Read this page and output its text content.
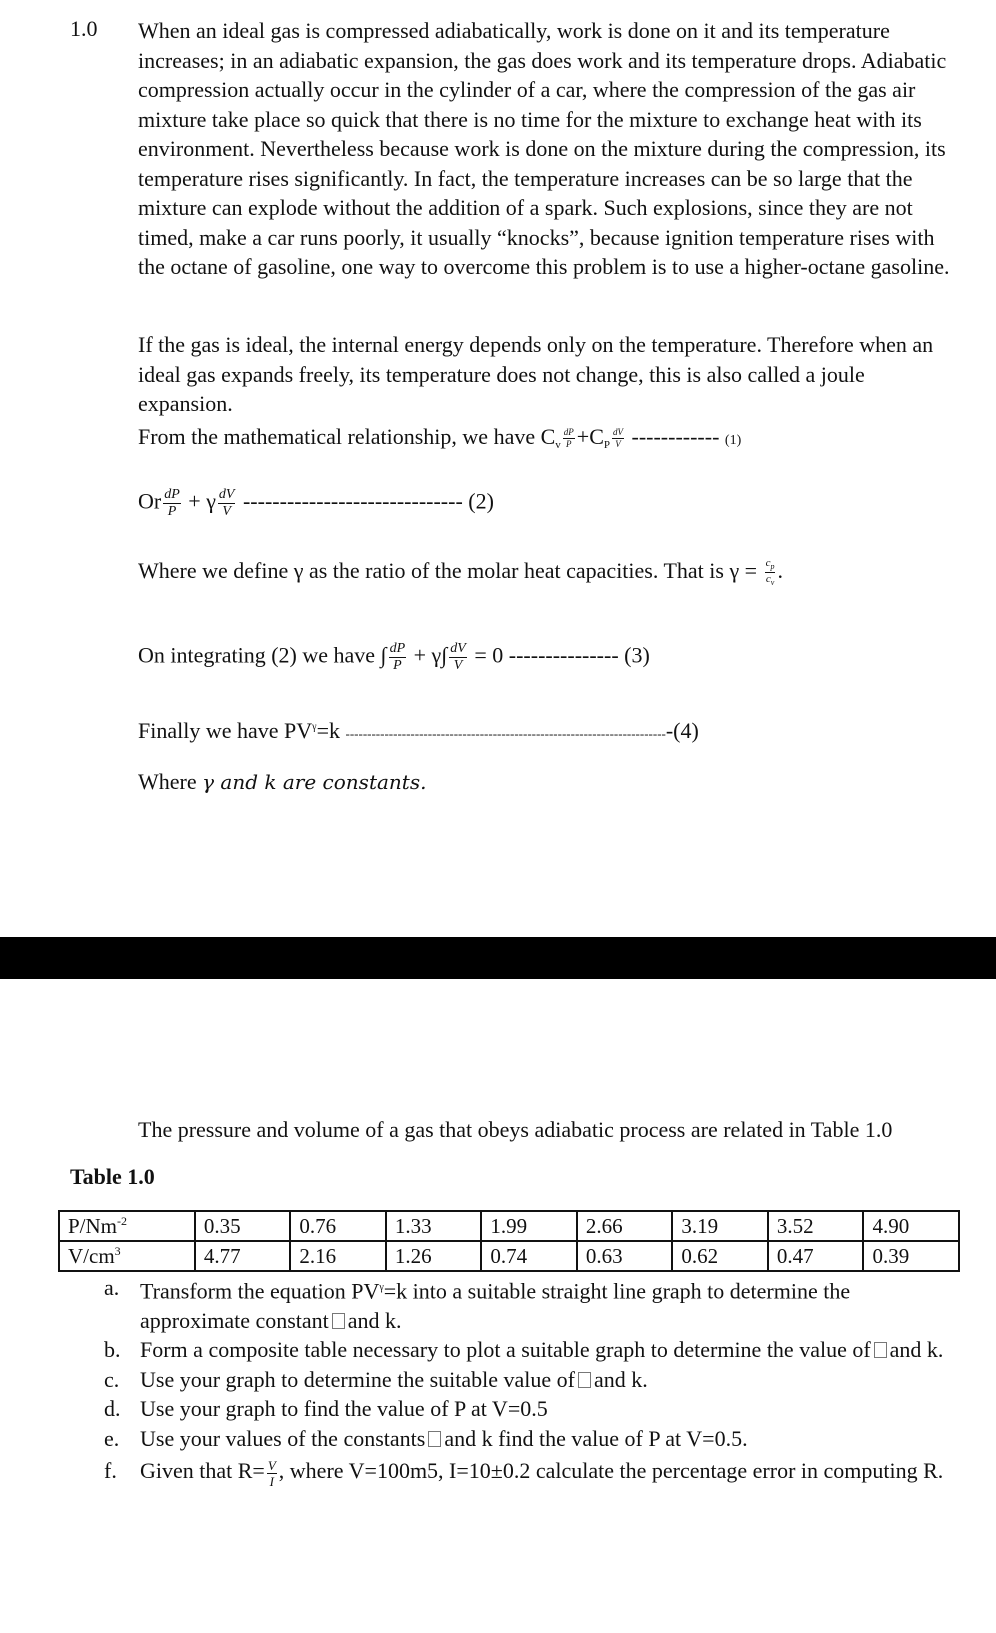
1.0 When an ideal gas is compressed adiabatically, work is done on it and its temperature increases; in an adiabatic expansion, the gas does work and its temperature drops. Adiabatic compression actually occur in the cylinder of a car, where the compression of the gas air mixture take place so quick that there is no time for the mixture to exchange heat with its environment. Nevertheless because work is done on the mixture during the compression, its temperature rises significantly. In fact, the temperature increases can be so large that the mixture can explode without the addition of a spark. Such explosions, since they are not timed, make a car runs poorly, it usually “knocks”, because ignition temperature rises with the octane of gasoline, one way to overcome this problem is to use a higher-octane gasoline.
If the gas is ideal, the internal energy depends only on the temperature. Therefore when an ideal gas expands freely, its temperature does not change, this is also called a joule expansion.
From the mathematical relationship, we have Cv $\frac{dP}{P} +CP \frac{dV}{V}$ ------------ (1)
Or $\frac{dP}{P} + \gamma \frac{dV}{V}$ ------------------------------ (2)
Where we define γ as the ratio of the molar heat capacities. That is $\gamma = \frac{c_p}{c_v}$ .
On integrating (2) we have ∫ $\frac{dP}{P} + \gamma\int \frac{dV}{V} = 0$ --------------- (3)
Finally we have $PV^\gamma=k$ ---------------------------------------------------------------------------(4)
Where γ and k are constants.
The pressure and volume of a gas that obeys adiabatic process are related in Table 1.0
Table 1.0
$P/Nm^{-2}$	0.35	0.76	1.33	1.99	2.66	3.19	3.52	4.90
$V/cm^3$	4.77	2.16	1.26	0.74	0.63	0.62	0.47	0.39
a. Transform the equation $PV^\gamma=k$ into a suitable straight line graph to determine the approximate constant and k.
b. Form a composite table necessary to plot a suitable graph to determine the value of and k.
c. Use your graph to determine the suitable value of and k.
d. Use your graph to find the value of P at V=0.5
e. Use your values of the constants and k find the value of P at V=0.5.
f. Given that $R= \frac{V}{I}$ , where V=100m5, I=10±0.2 calculate the percentage error in computing R.
